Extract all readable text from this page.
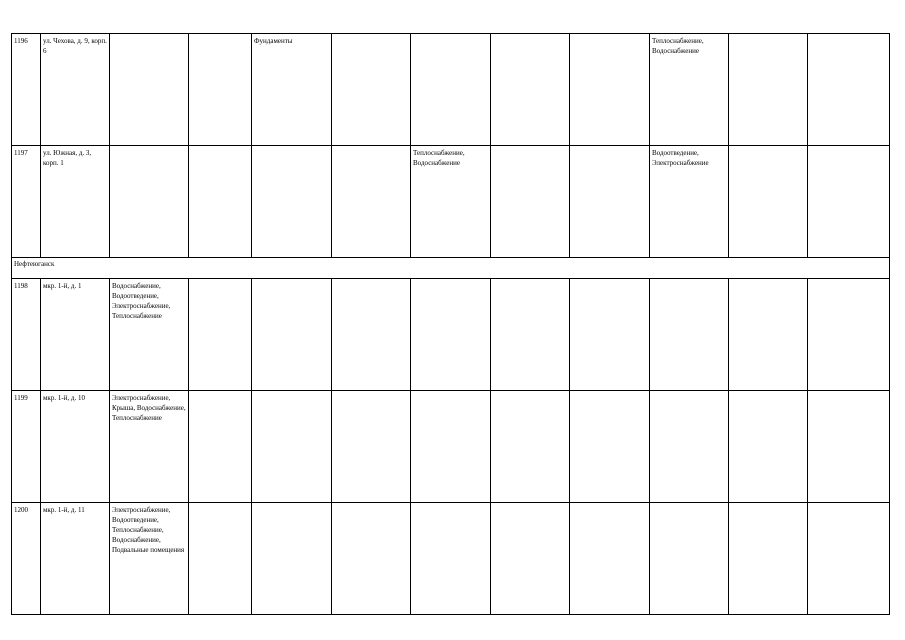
1196	ул. Чехова, д. 9, корп. 6			Фундаменты					Теплоснабжение, Водоснабжение		
1197	ул. Южная, д. 3, корп. 1					Теплоснабжение, Водоснабжение			Водоотведение, Электроснабжение		
Нефтеюганск											
1198	мкр. 1-й, д. 1	Водоснабжение, Водоотведение, Электроснабжение, Теплоснабжение									
1199	мкр. 1-й, д. 10	Электроснабжение, Крыша, Водоснабжение, Теплоснабжение									
1200	мкр. 1-й, д. 11	Электроснабжение, Водоотведение, Теплоснабжение, Водоснабжение, Подвальные помещения									
